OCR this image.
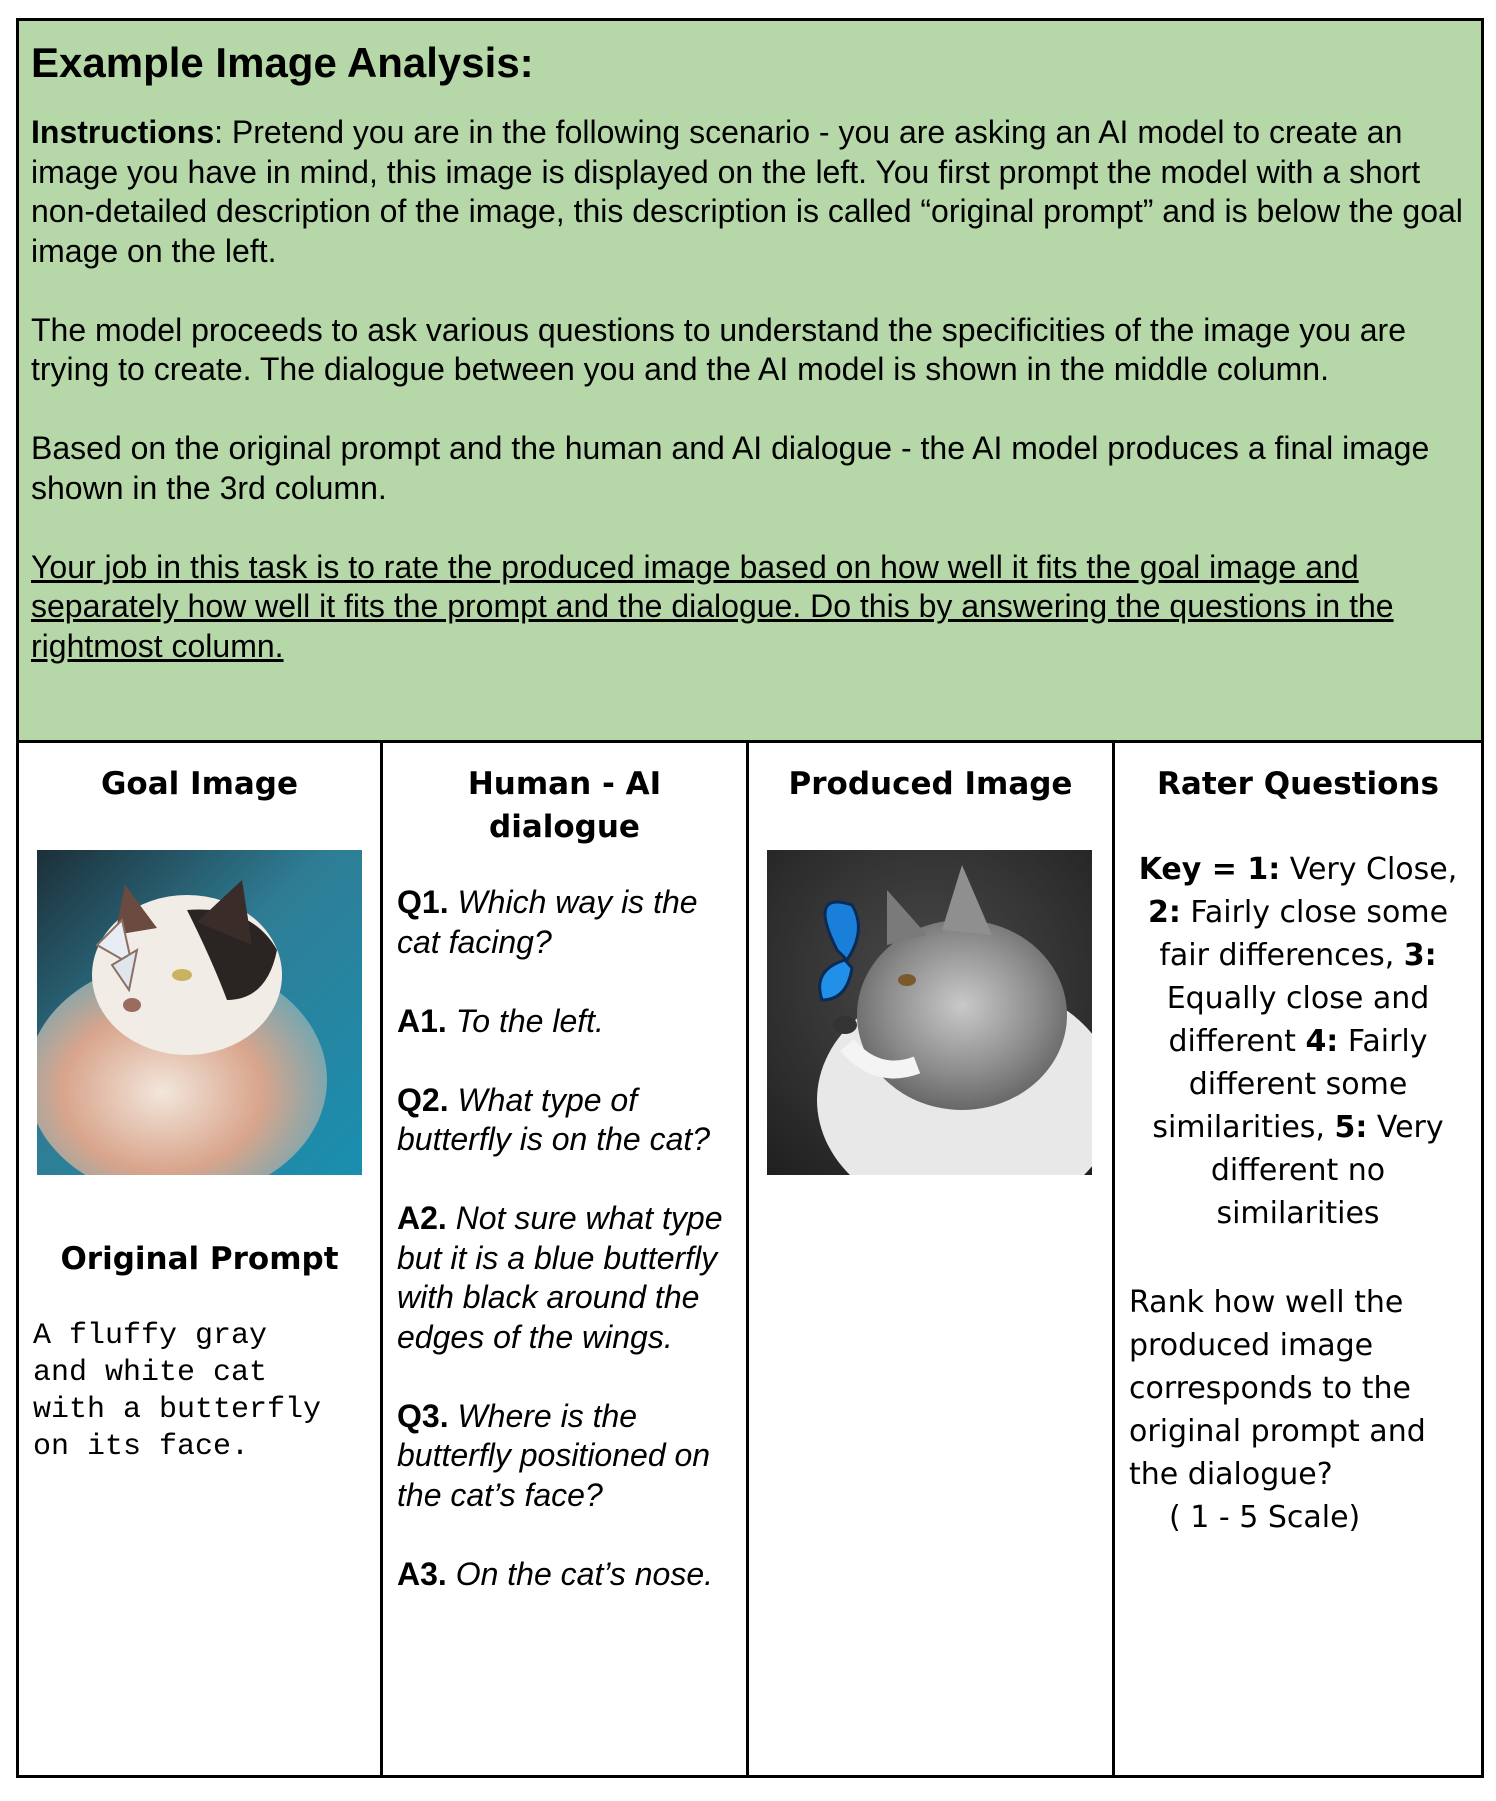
Example Image Analysis:

Instructions: Pretend you are in the following scenario - you are asking an AI model to create an image you have in mind, this image is displayed on the left. You first prompt the model with a short non-detailed description of the image, this description is called “original prompt” and is below the goal image on the left.

The model proceeds to ask various questions to understand the specificities of the image you are trying to create. The dialogue between you and the AI model is shown in the middle column.

Based on the original prompt and the human and AI dialogue - the AI model produces a final image shown in the 3rd column.

Your job in this task is to rate the produced image based on how well it fits the goal image and separately how well it fits the prompt and the dialogue. Do this by answering the questions in the rightmost column.

Goal Image
Original Prompt
A fluffy gray
and white cat
with a butterfly
on its face.
Human - AI dialogue

Q1. Which way is the cat facing?

A1. To the left.

Q2. What type of butterfly is on the cat?

A2. Not sure what type but it is a blue butterfly with black around the edges of the wings.

Q3. Where is the butterfly positioned on the cat’s face?

A3. On the cat’s nose.

Produced Image	Rater Questions
Key = 1: Very Close, 2: Fairly close some fair differences, 3: Equally close and different 4: Fairly different some similarities, 5: Very different no similarities
Rank how well the produced image corresponds to the original prompt and the dialogue?
( 1 - 5 Scale)
